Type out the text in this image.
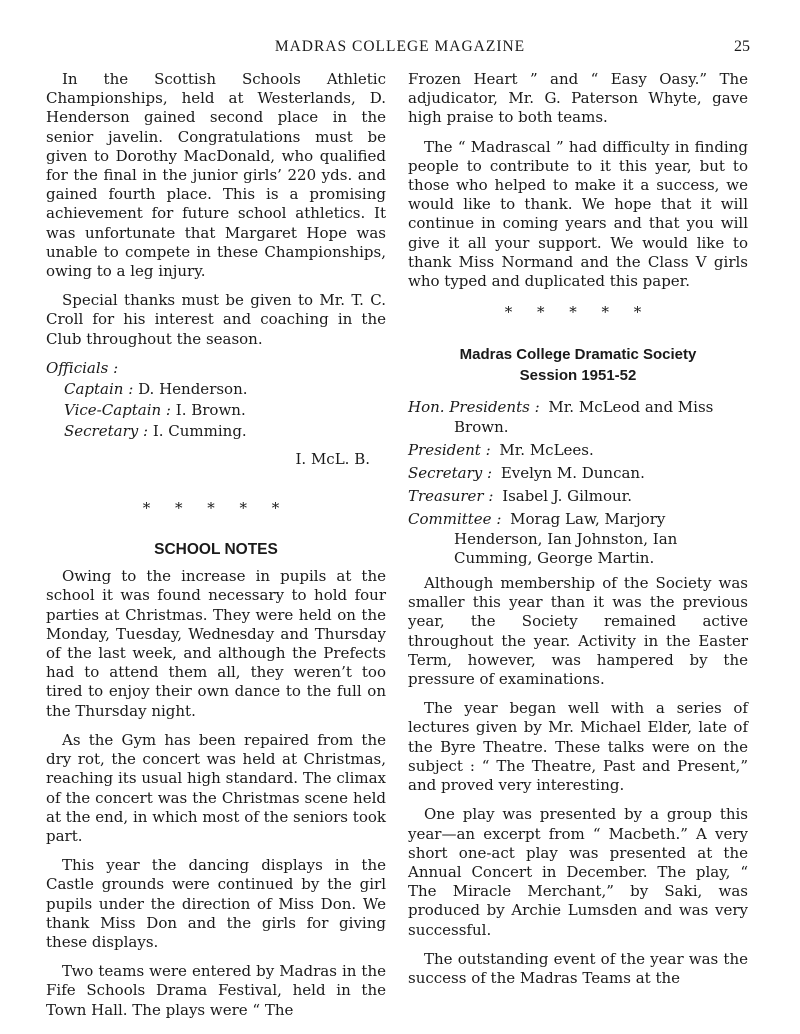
MADRAS COLLEGE MAGAZINE	25

In the Scottish Schools Athletic Championships, held at Westerlands, D. Henderson gained second place in the senior javelin. Congratulations must be given to Dorothy MacDonald, who qualified for the final in the junior girls’ 220 yds. and gained fourth place. This is a promising achievement for future school athletics. It was unfortunate that Margaret Hope was unable to compete in these Championships, owing to a leg injury.

Special thanks must be given to Mr. T. C. Croll for his interest and coaching in the Club throughout the season.

Officials :
Captain : D. Henderson.
Vice-Captain : I. Brown.
Secretary : I. Cumming.
I. McL. B.
* * * * *
SCHOOL NOTES

Owing to the increase in pupils at the school it was found necessary to hold four parties at Christmas. They were held on the Monday, Tuesday, Wednesday and Thursday of the last week, and although the Prefects had to attend them all, they weren’t too tired to enjoy their own dance to the full on the Thursday night.

As the Gym has been repaired from the dry rot, the concert was held at Christmas, reaching its usual high standard. The climax of the concert was the Christmas scene held at the end, in which most of the seniors took part.

This year the dancing displays in the Castle grounds were continued by the girl pupils under the direction of Miss Don. We thank Miss Don and the girls for giving these displays.

Two teams were entered by Madras in the Fife Schools Drama Festival, held in the Town Hall. The plays were “ The

Frozen Heart ” and “ Easy Oasy.” The adjudicator, Mr. G. Paterson Whyte, gave high praise to both teams.

The “ Madrascal ” had difficulty in finding people to contribute to it this year, but to those who helped to make it a success, we would like to thank. We hope that it will continue in coming years and that you will give it all your support. We would like to thank Miss Normand and the Class V girls who typed and duplicated this paper.

* * * * *
Madras College Dramatic Society
Session 1951-52
Hon. Presidents : Mr. McLeod and Miss Brown.
President : Mr. McLees.
Secretary : Evelyn M. Duncan.
Treasurer : Isabel J. Gilmour.
Committee : Morag Law, Marjory Henderson, Ian Johnston, Ian Cumming, George Martin.

Although membership of the Society was smaller this year than it was the previous year, the Society remained active throughout the year. Activity in the Easter Term, however, was hampered by the pressure of examinations.

The year began well with a series of lectures given by Mr. Michael Elder, late of the Byre Theatre. These talks were on the subject : “ The Theatre, Past and Present,” and proved very interesting.

One play was presented by a group this year—an excerpt from “ Macbeth.” A very short one-act play was presented at the Annual Concert in December. The play, “ The Miracle Merchant,” by Saki, was produced by Archie Lumsden and was very successful.

The outstanding event of the year was the success of the Madras Teams at the
